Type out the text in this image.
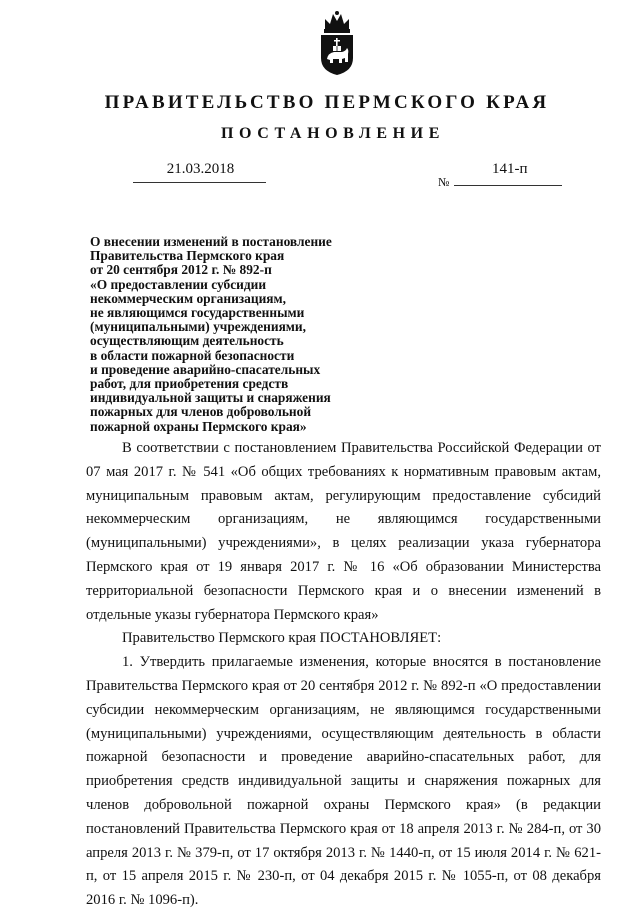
ПРАВИТЕЛЬСТВО ПЕРМСКОГО КРАЯ
ПОСТАНОВЛЕНИЕ
21.03.2018	141-п
№
О внесении изменений в постановление
Правительства Пермского края
от 20 сентября 2012 г. № 892-п
«О предоставлении субсидии
некоммерческим организациям,
не являющимся государственными
(муниципальными) учреждениями,
осуществляющим деятельность
в области пожарной безопасности
и проведение аварийно-спасательных
работ, для приобретения средств
индивидуальной защиты и снаряжения
пожарных для членов добровольной
пожарной охраны Пермского края»

В соответствии с постановлением Правительства Российской Федерации от 07 мая 2017 г. № 541 «Об общих требованиях к нормативным правовым актам, муниципальным правовым актам, регулирующим предоставление субсидий некоммерческим организациям, не являющимся государственными (муниципальными) учреждениями», в целях реализации указа губернатора Пермского края от 19 января 2017 г. № 16 «Об образовании Министерства территориальной безопасности Пермского края и о внесении изменений в отдельные указы губернатора Пермского края»

Правительство Пермского края ПОСТАНОВЛЯЕТ:

1. Утвердить прилагаемые изменения, которые вносятся в постановление Правительства Пермского края от 20 сентября 2012 г. № 892-п «О предоставлении субсидии некоммерческим организациям, не являющимся государственными (муниципальными) учреждениями, осуществляющим деятельность в области пожарной безопасности и проведение аварийно-спасательных работ, для приобретения средств индивидуальной защиты и снаряжения пожарных для членов добровольной пожарной охраны Пермского края» (в редакции постановлений Правительства Пермского края от 18 апреля 2013 г. № 284-п, от 30 апреля 2013 г. № 379-п, от 17 октября 2013 г. № 1440-п, от 15 июля 2014 г. № 621-п, от 15 апреля 2015 г. № 230-п, от 04 декабря 2015 г. № 1055-п, от 08 декабря 2016 г. № 1096-п).
